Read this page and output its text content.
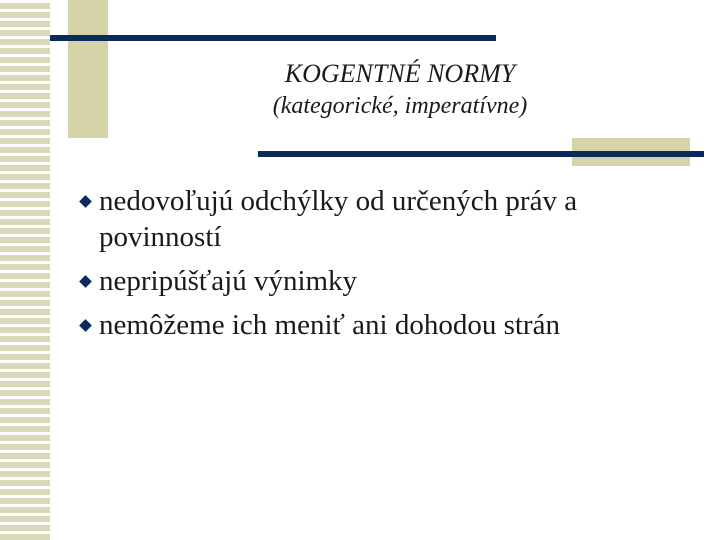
KOGENTNÉ NORMY
(kategorické, imperatívne)
nedovoľujú odchýlky od určených práv a povinností
nepripúšťajú výnimky
nemôžeme ich meniť ani dohodou strán
